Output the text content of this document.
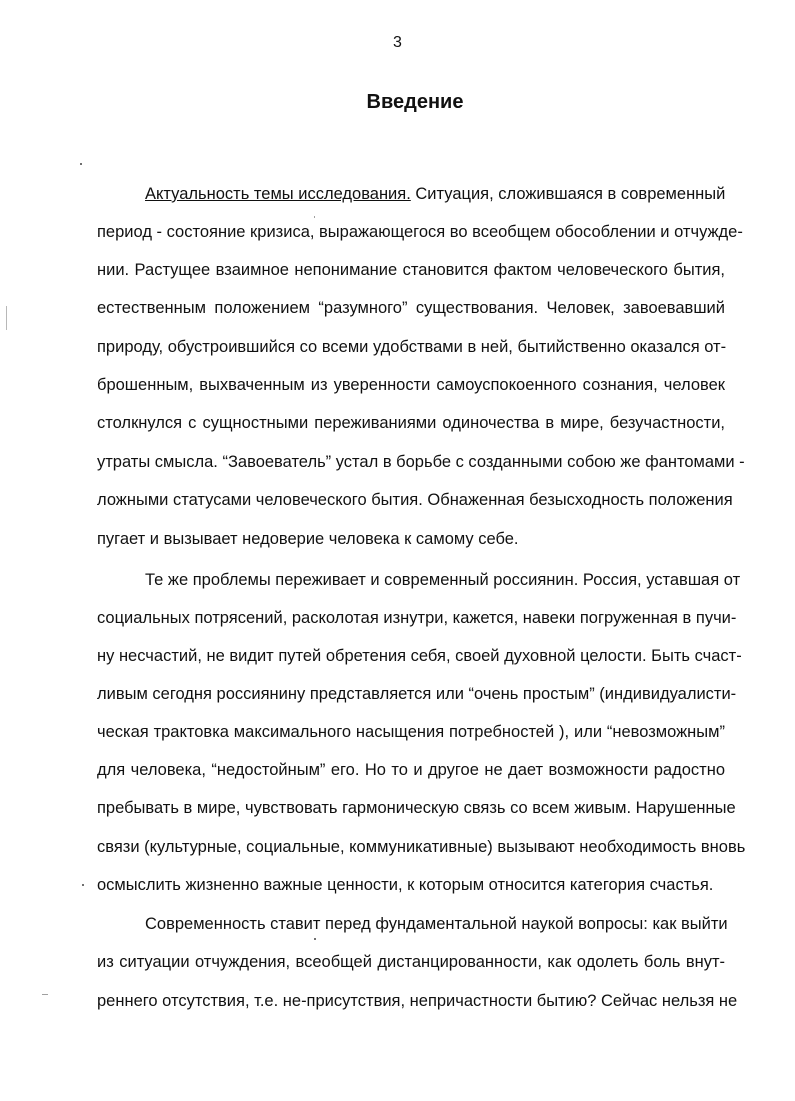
3
Введение
Актуальность темы исследования. Ситуация, сложившаяся в современный
период - состояние кризиса, выражающегося во всеобщем обособлении и отчужде-
нии. Растущее взаимное непонимание становится фактом человеческого бытия,
естественным положением “разумного” существования. Человек, завоевавший
природу, обустроившийся со всеми удобствами в ней, бытийственно оказался от-
брошенным, выхваченным из уверенности самоуспокоенного сознания, человек
столкнулся с сущностными переживаниями одиночества в мире, безучастности,
утраты смысла. “Завоеватель” устал в борьбе с созданными собою же фантомами -
ложными статусами человеческого бытия. Обнаженная безысходность положения
пугает и вызывает недоверие человека к самому себе.
Те же проблемы переживает и современный россиянин. Россия, уставшая от
социальных потрясений, расколотая изнутри, кажется, навеки погруженная в пучи-
ну несчастий, не видит путей обретения себя, своей духовной целости. Быть счаст-
ливым сегодня россиянину представляется или “очень простым” (индивидуалисти-
ческая трактовка максимального насыщения потребностей ), или “невозможным”
для человека, “недостойным” его. Но то и другое не дает возможности радостно
пребывать в мире, чувствовать гармоническую связь со всем живым. Нарушенные
связи (культурные, социальные, коммуникативные) вызывают необходимость вновь
осмыслить жизненно важные ценности, к которым относится категория счастья.
Современность ставит перед фундаментальной наукой вопросы: как выйти
из ситуации отчуждения, всеобщей дистанцированности, как одолеть боль внут-
реннего отсутствия, т.е. не-присутствия, непричастности бытию? Сейчас нельзя не
